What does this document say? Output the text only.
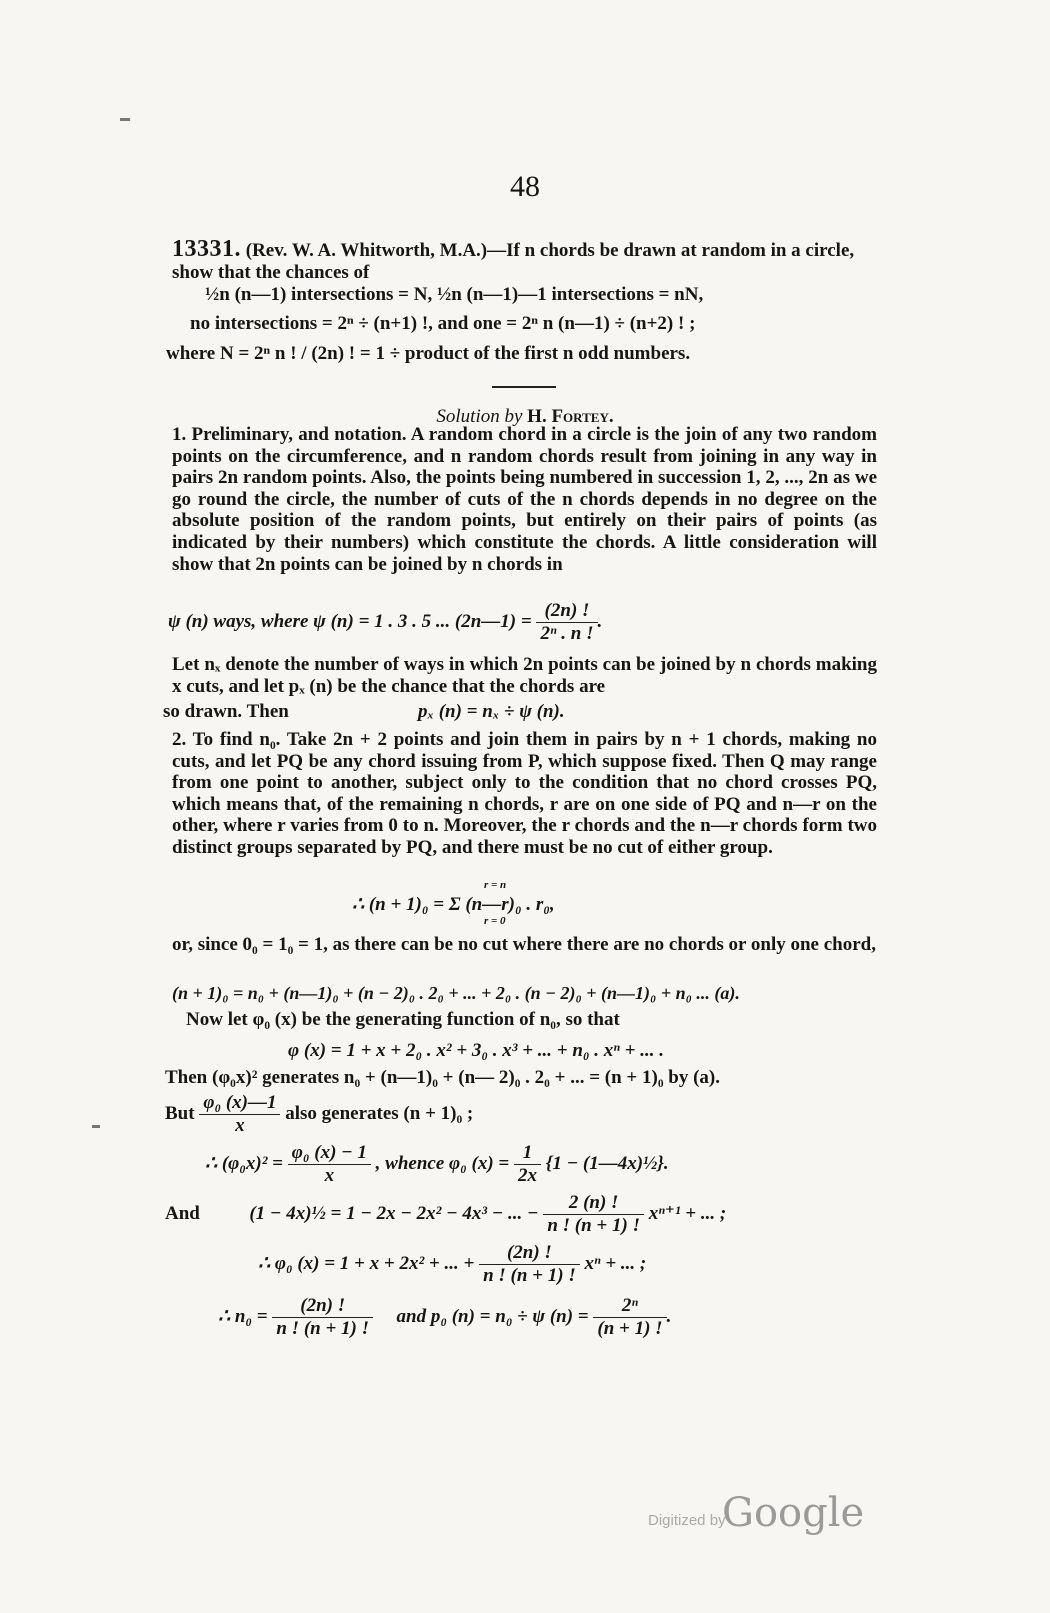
48
13331. (Rev. W. A. Whitworth, M.A.)—If n chords be drawn at random in a circle, show that the chances of
½n (n—1) intersections = N, ½n (n—1)—1 intersections = nN,
no intersections = 2ⁿ ÷ (n+1) !, and one = 2ⁿ n (n—1) ÷ (n+2) ! ;
where N = 2ⁿ n ! / (2n) ! = 1 ÷ product of the first n odd numbers.
Solution by H. Fortey.
1. Preliminary, and notation. A random chord in a circle is the join of any two random points on the circumference, and n random chords result from joining in any way in pairs 2n random points. Also, the points being numbered in succession 1, 2, ..., 2n as we go round the circle, the number of cuts of the n chords depends in no degree on the absolute position of the random points, but entirely on their pairs of points (as indicated by their numbers) which constitute the chords. A little consideration will show that 2n points can be joined by n chords in
ψ (n) ways, where ψ (n) = 1 . 3 . 5 ... (2n—1) = $\frac{(2n) !}{\text{2ⁿ . n !}}$ .
Let nₓ denote the number of ways in which 2n points can be joined by n chords making x cuts, and let pₓ (n) be the chance that the chords are
so drawn. Then	pₓ (n) = nₓ ÷ ψ (n).
2. To find n₀. Take 2n + 2 points and join them in pairs by n + 1 chords, making no cuts, and let PQ be any chord issuing from P, which suppose fixed. Then Q may range from one point to another, subject only to the condition that no chord crosses PQ, which means that, of the remaining n chords, r are on one side of PQ and n—r on the other, where r varies from 0 to n. Moreover, the r chords and the n—r chords form two distinct groups separated by PQ, and there must be no cut of either group.
r = n
∴ (n + 1)₀ = Σ (n—r)₀ . r₀,
r = 0
or, since 0₀ = 1₀ = 1, as there can be no cut where there are no chords or only one chord,
(n + 1)₀ = n₀ + (n—1)₀ + (n − 2)₀ . 2₀ + ... + 2₀ . (n − 2)₀ + (n—1)₀ + n₀ ... (a).
Now let φ₀ (x) be the generating function of n₀, so that
φ (x) = 1 + x + 2₀ . x² + 3₀ . x³ + ... + n₀ . xⁿ + ... .
Then (φ₀x)² generates n₀ + (n—1)₀ + (n— 2)₀ . 2₀ + ... = (n + 1)₀ by (a).
But $\frac{\text{φ₀ (x)—1}}{x}$ also generates (n + 1)₀ ;
∴ $(\varphi_0x)^2 = \frac{\text{φ₀ (x) − 1}}{x}$ , whence φ₀ $(x) = \frac{1}{2x} \{1$ − (1—4x)½}.
And	(1 − 4x)½ = 1 − 2x − 2x² − 4x³ − ... − $\frac{2 (n) !}{n ! (n + 1) !} x^{n+1}$ + ... ;
∴ φ₀ (x) = 1 + x + 2x² + ... + $\frac{(2n) !}{n ! (n + 1) !}$ xⁿ + ... ;
∴ $n_0 = \frac{(2n) !}{n ! (n + 1) !}$ and p₀ (n) = n₀ ÷ ψ $(n) = \frac{\text{2ⁿ}}{(n + 1) !}$ .
Digitized by
Google
